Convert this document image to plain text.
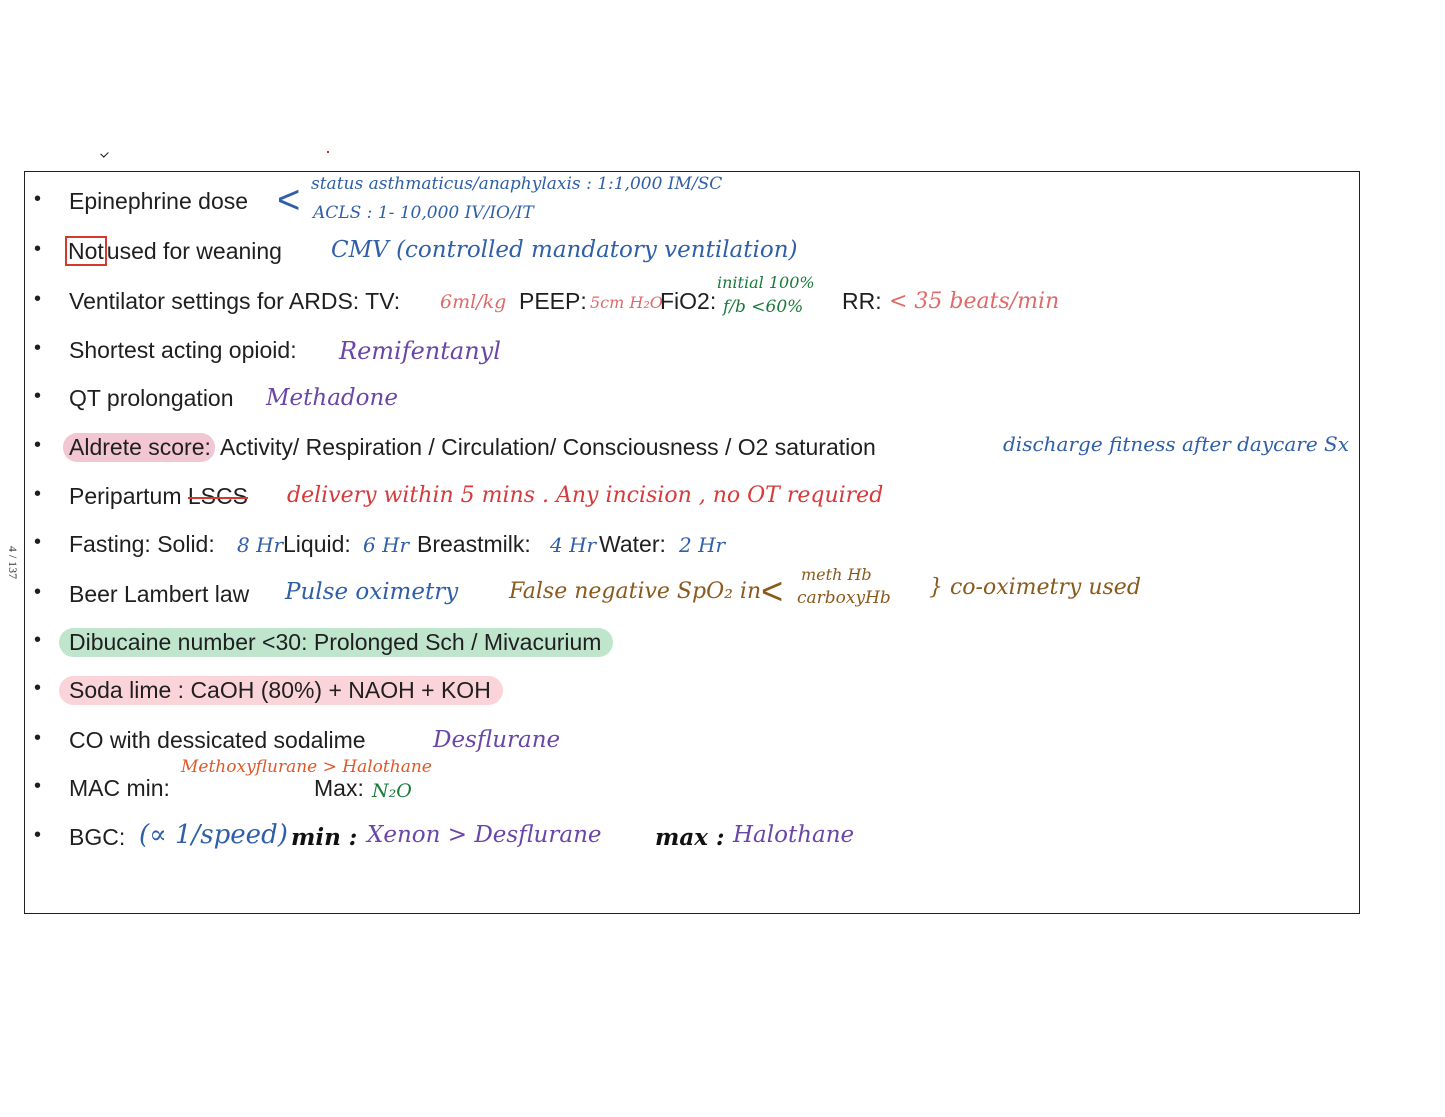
4 / 137
• Epinephrine dose < status asthmaticus/anaphylaxis : 1:1,000 IM/SC
ACLS : 1- 10,000 IV/IO/IT
• Not used for weaning CMV (controlled mandatory ventilation)
• Ventilator settings for ARDS: TV: 6ml/kg PEEP: 5cm H₂O
FiO2:
initial 100%
f/b <60% RR: < 35 beats/min
• Shortest acting opioid: Remifentanyl
• QT prolongation Methadone
• Aldrete score: Activity/ Respiration / Circulation/ Consciousness / O2 saturation	discharge fitness after daycare Sx
• Peripartum LSCS delivery within 5 mins . Any incision , no OT required
• Fasting: Solid: 8 Hr Liquid: 6 Hr Breastmilk: 4 Hr Water: 2 Hr
• Beer Lambert law Pulse oximetry False negative SpO₂ in < meth Hb
carboxyHb } co-oximetry used
• Dibucaine number <30: Prolonged Sch / Mivacurium
• Soda lime : CaOH (80%) + NAOH + KOH
• CO with dessicated sodalime	Desflurane
• MAC min:
Methoxyflurane > Halothane
Max: N₂O
• BGC: (∝ 1/speed) min : Xenon > Desflurane max : Halothane
